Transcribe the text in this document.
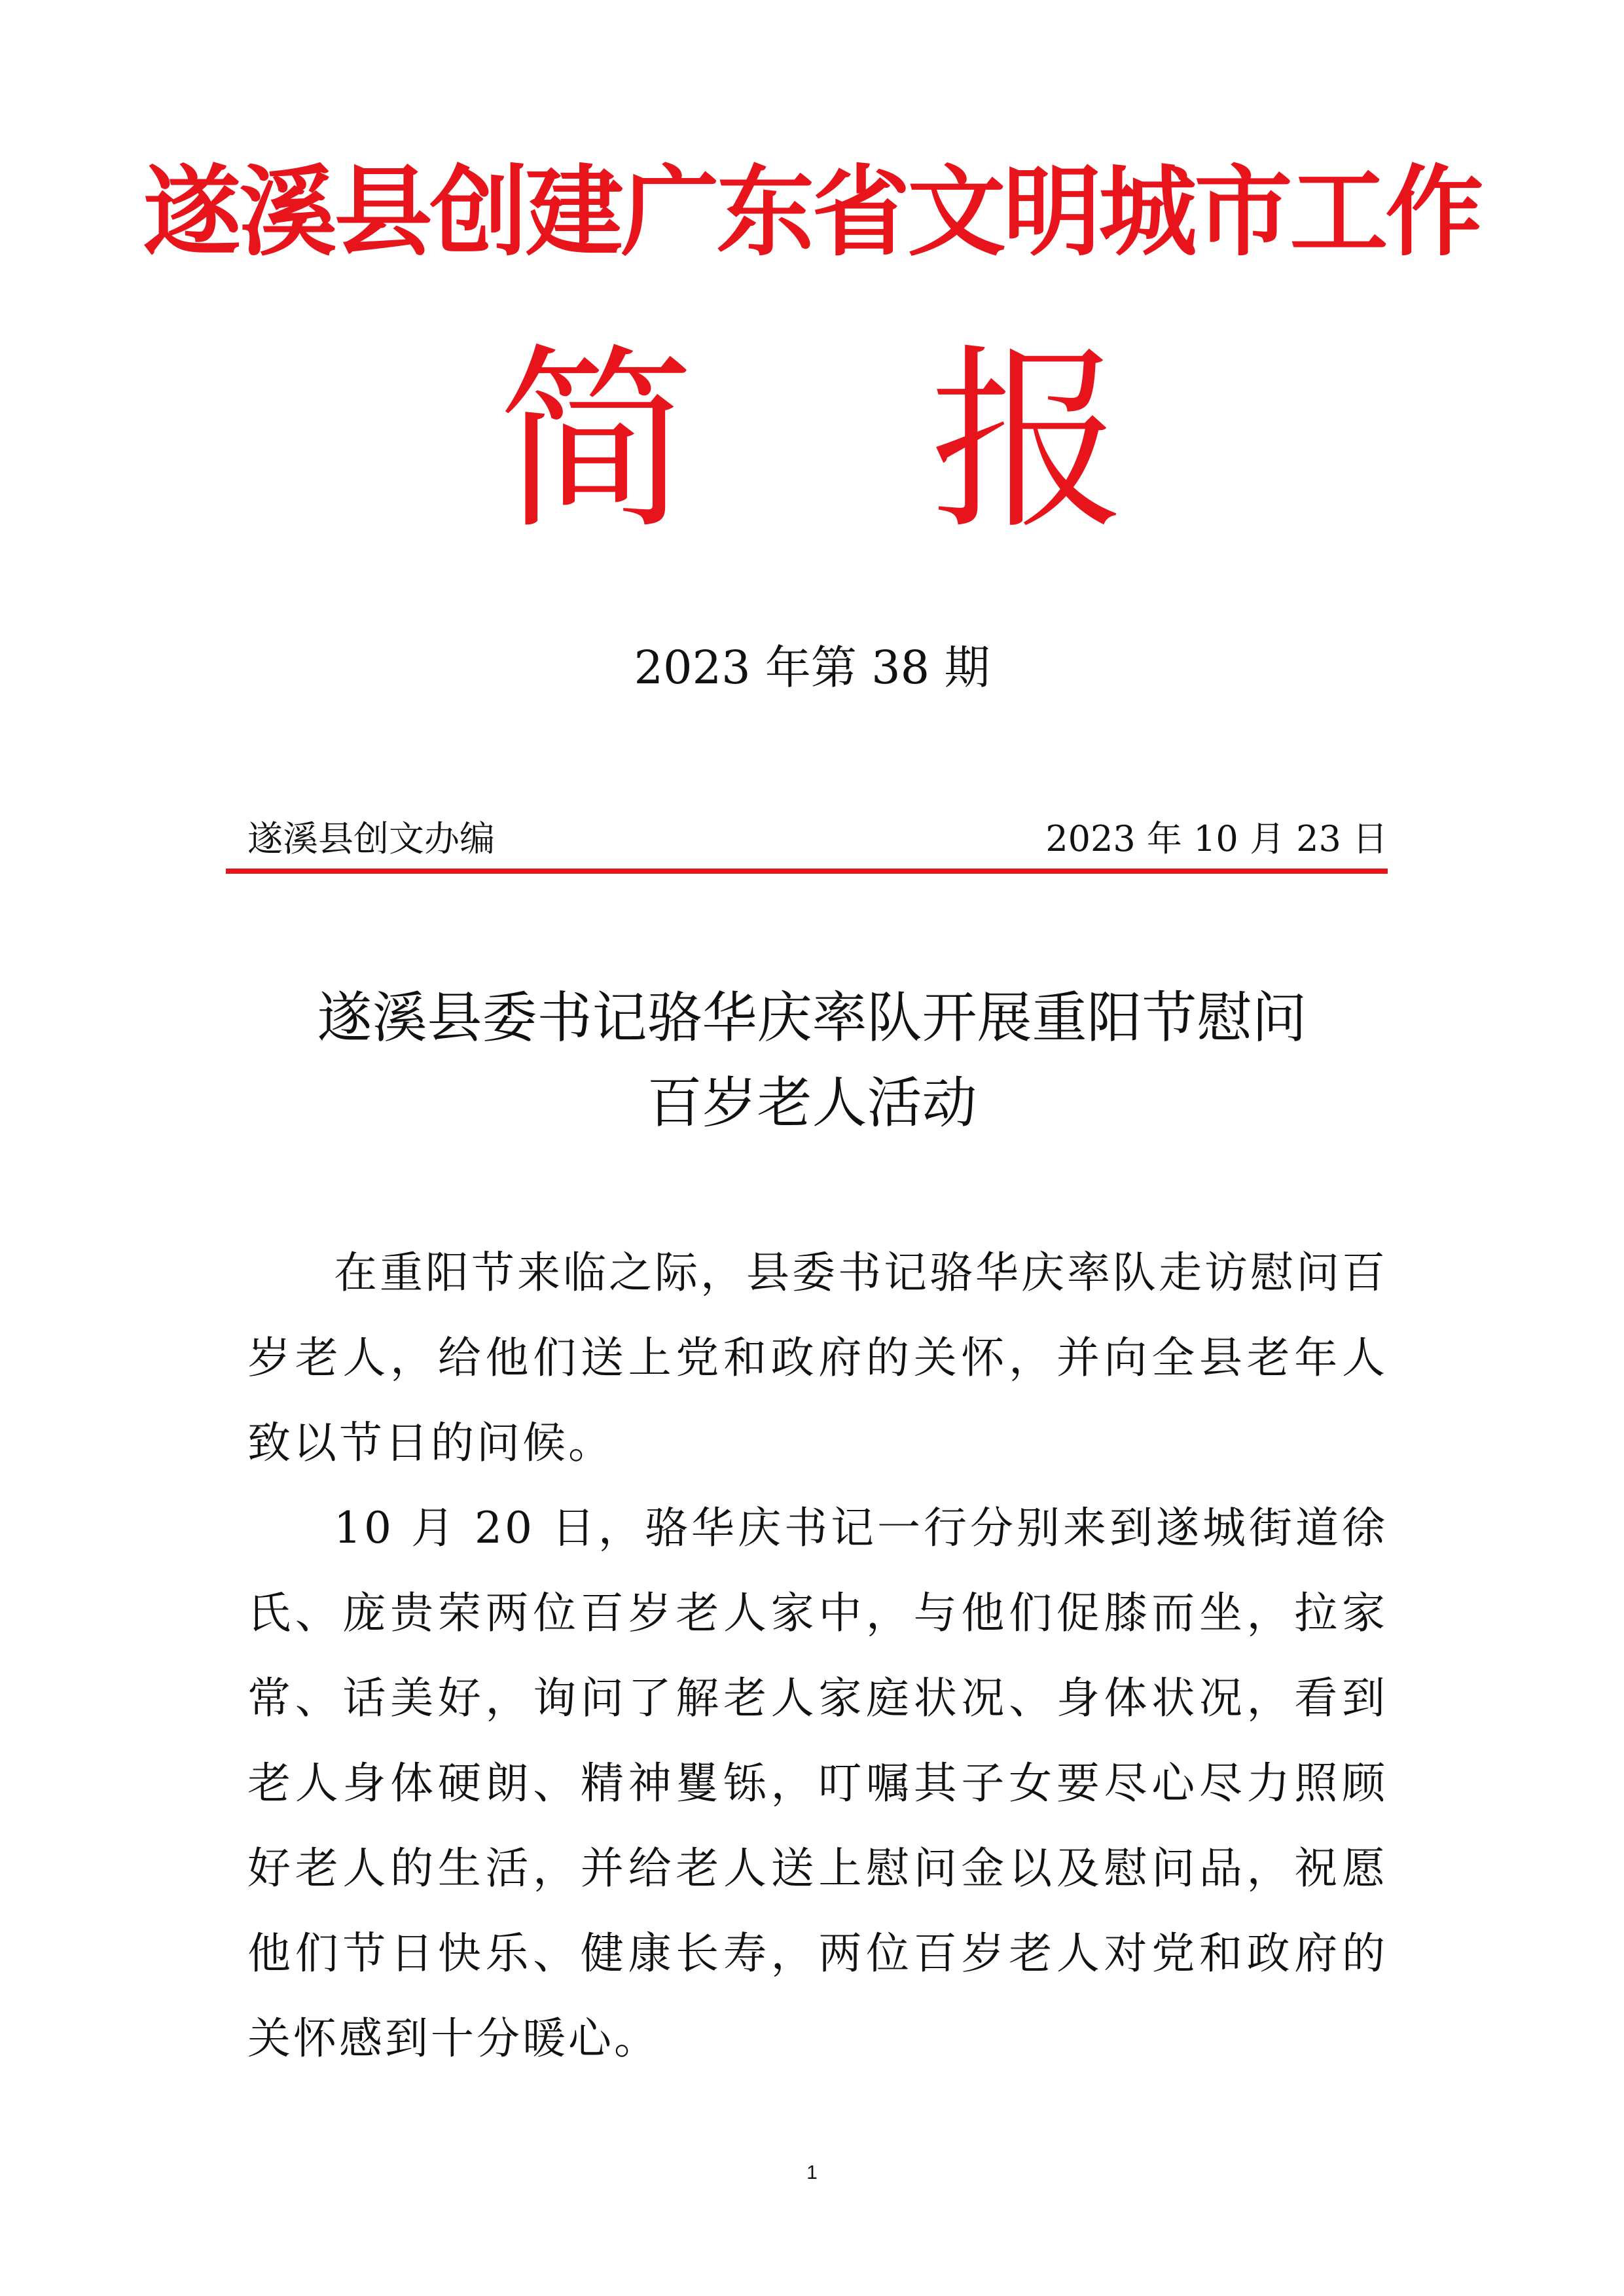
遂溪县创建广东省文明城市工作
简 报
2023 年第 38 期
遂溪县创文办编	2023 年 10 月 23 日
遂溪县委书记骆华庆率队开展重阳节慰问
百岁老人活动

在重阳节来临之际，县委书记骆华庆率队走访慰问百岁老人，给他们送上党和政府的关怀，并向全县老年人致以节日的问候。

10 月 20 日，骆华庆书记一行分别来到遂城街道徐氏、庞贵荣两位百岁老人家中，与他们促膝而坐，拉家常、话美好，询问了解老人家庭状况、身体状况，看到老人身体硬朗、精神矍铄，叮嘱其子女要尽心尽力照顾好老人的生活，并给老人送上慰问金以及慰问品，祝愿他们节日快乐、健康长寿，两位百岁老人对党和政府的关怀感到十分暖心。

1
